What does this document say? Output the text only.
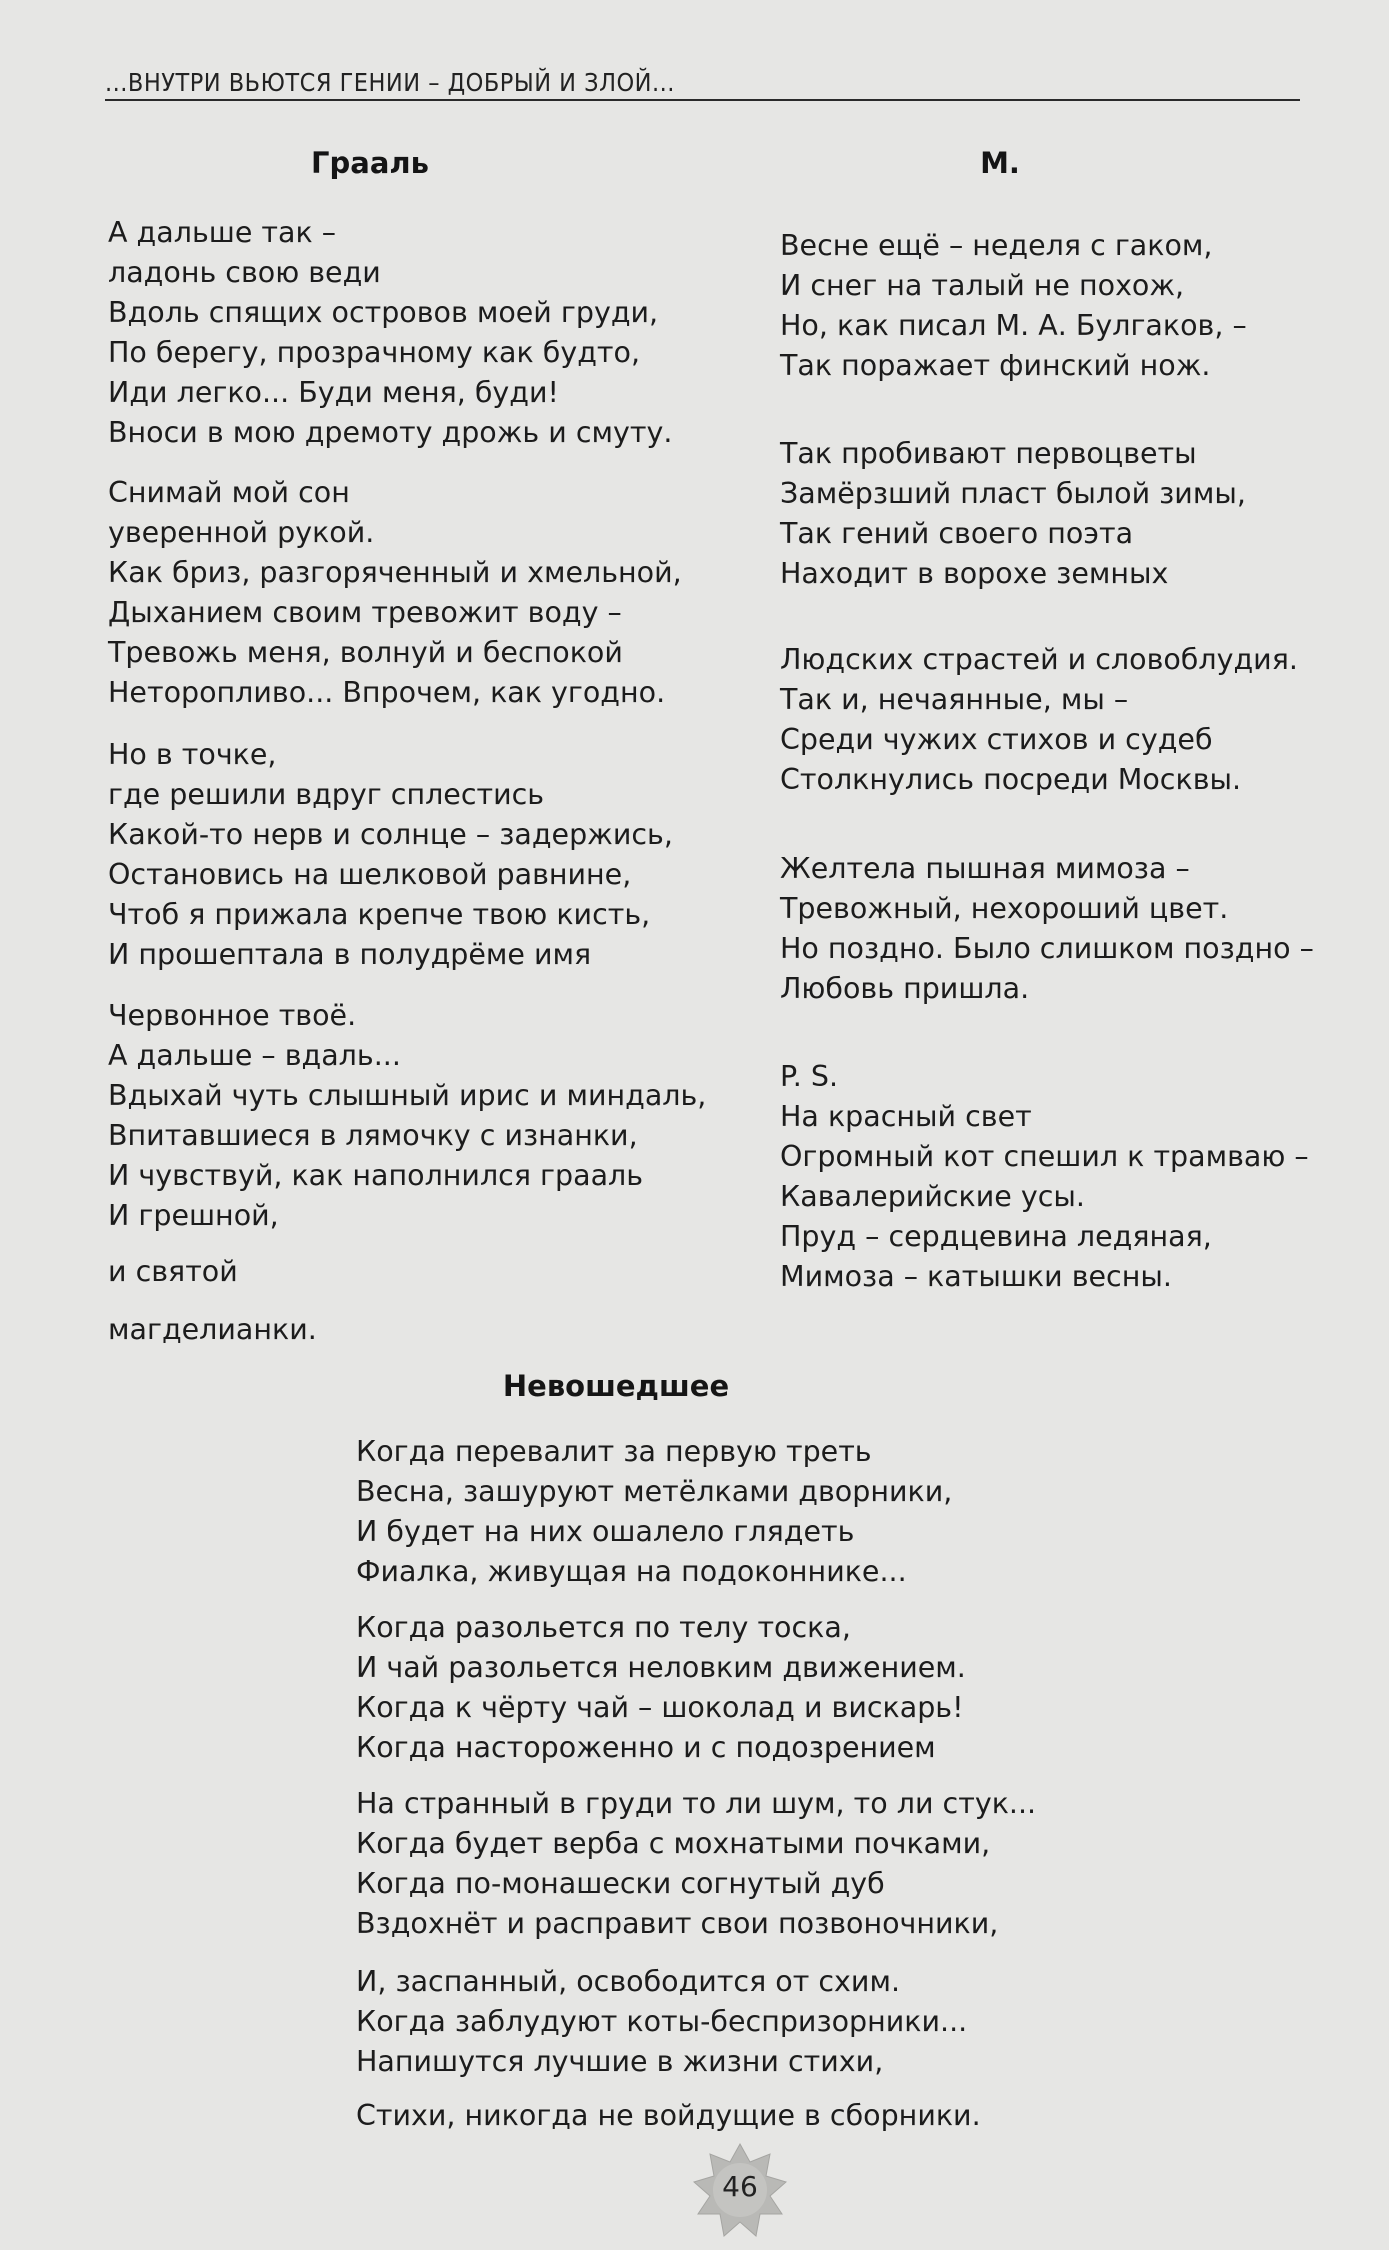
...ВНУТРИ ВЬЮТСЯ ГЕНИИ – ДОБРЫЙ И ЗЛОЙ...
Грааль
А дальше так –
ладонь свою веди
Вдоль спящих островов моей груди,
По берегу, прозрачному как будто,
Иди легко... Буди меня, буди!
Вноси в мою дремоту дрожь и смуту.
Снимай мой сон
уверенной рукой.
Как бриз, разгоряченный и хмельной,
Дыханием своим тревожит воду –
Тревожь меня, волнуй и беспокой
Неторопливо... Впрочем, как угодно.
Но в точке,
где решили вдруг сплестись
Какой-то нерв и солнце – задержись,
Остановись на шелковой равнине,
Чтоб я прижала крепче твою кисть,
И прошептала в полудрёме имя
Червонное твоё.
А дальше – вдаль...
Вдыхай чуть слышный ирис и миндаль,
Впитавшиеся в лямочку с изнанки,
И чувствуй, как наполнился грааль
И грешной,
и святой
магделианки.
М.
Весне ещё – неделя с гаком,
И снег на талый не похож,
Но, как писал М. А. Булгаков, –
Так поражает финский нож.
Так пробивают первоцветы
Замёрзший пласт былой зимы,
Так гений своего поэта
Находит в ворохе земных
Людских страстей и словоблудия.
Так и, нечаянные, мы –
Среди чужих стихов и судеб
Столкнулись посреди Москвы.
Желтела пышная мимоза –
Тревожный, нехороший цвет.
Но поздно. Было слишком поздно –
Любовь пришла.
P. S.
На красный свет
Огромный кот спешил к трамваю –
Кавалерийские усы.
Пруд – сердцевина ледяная,
Мимоза – катышки весны.
Невошедшее
Когда перевалит за первую треть
Весна, зашуруют метёлками дворники,
И будет на них ошалело глядеть
Фиалка, живущая на подоконнике...
Когда разольется по телу тоска,
И чай разольется неловким движением.
Когда к чёрту чай – шоколад и вискарь!
Когда настороженно и с подозрением
На странный в груди то ли шум, то ли стук...
Когда будет верба с мохнатыми почками,
Когда по-монашески согнутый дуб
Вздохнёт и расправит свои позвоночники,
И, заспанный, освободится от схим.
Когда заблудуют коты-беспризорники...
Напишутся лучшие в жизни стихи,
Стихи, никогда не войдущие в сборники.
46
